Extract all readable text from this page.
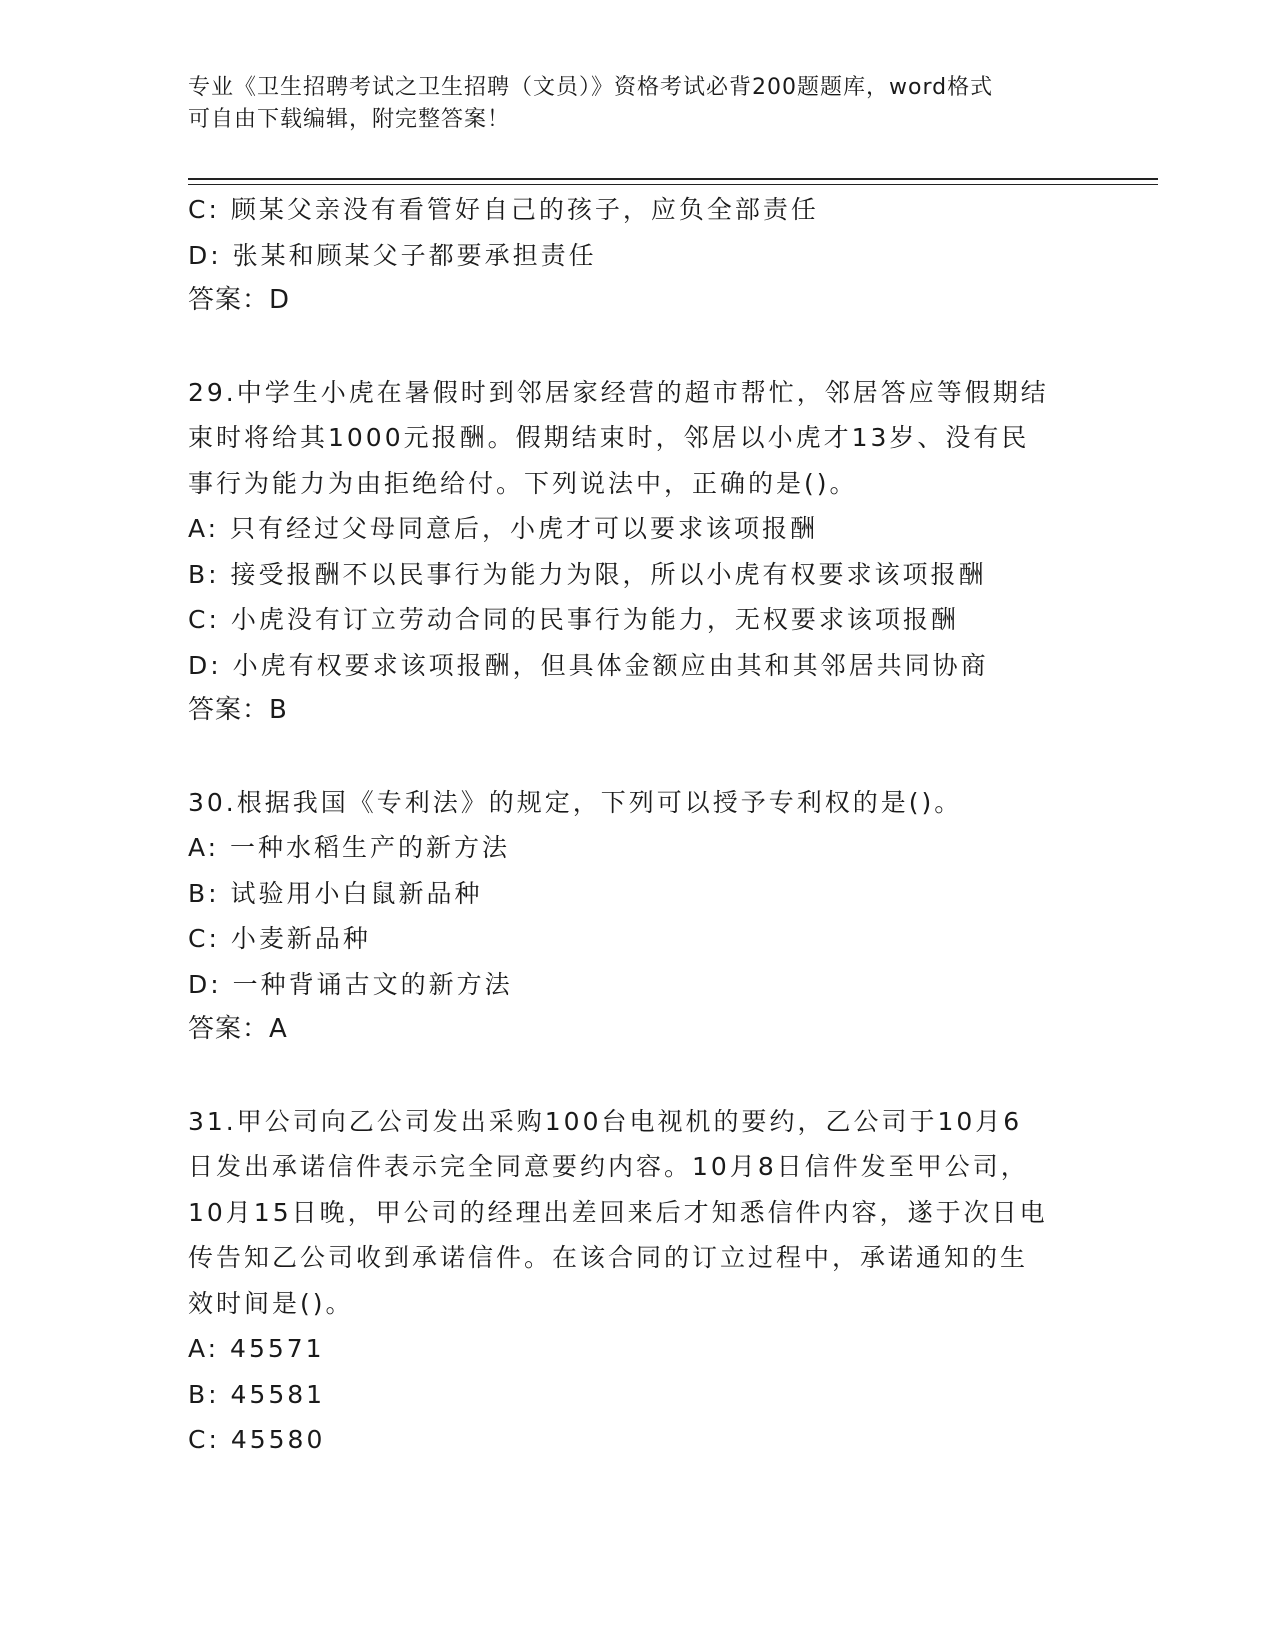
专业《卫生招聘考试之卫生招聘（文员）》资格考试必背200题题库，word格式
可自由下载编辑，附完整答案！
C: 顾某父亲没有看管好自己的孩子，应负全部责任
D: 张某和顾某父子都要承担责任
答案：D
29.中学生小虎在暑假时到邻居家经营的超市帮忙，邻居答应等假期结
束时将给其1000元报酬。假期结束时，邻居以小虎才13岁、没有民
事行为能力为由拒绝给付。下列说法中，正确的是()。
A: 只有经过父母同意后，小虎才可以要求该项报酬
B: 接受报酬不以民事行为能力为限，所以小虎有权要求该项报酬
C: 小虎没有订立劳动合同的民事行为能力，无权要求该项报酬
D: 小虎有权要求该项报酬，但具体金额应由其和其邻居共同协商
答案：B
30.根据我国《专利法》的规定，下列可以授予专利权的是()。
A: 一种水稻生产的新方法
B: 试验用小白鼠新品种
C: 小麦新品种
D: 一种背诵古文的新方法
答案：A
31.甲公司向乙公司发出采购100台电视机的要约，乙公司于10月6
日发出承诺信件表示完全同意要约内容。10月8日信件发至甲公司，
10月15日晚，甲公司的经理出差回来后才知悉信件内容，遂于次日电
传告知乙公司收到承诺信件。在该合同的订立过程中，承诺通知的生
效时间是()。
A: 45571
B: 45581
C: 45580
